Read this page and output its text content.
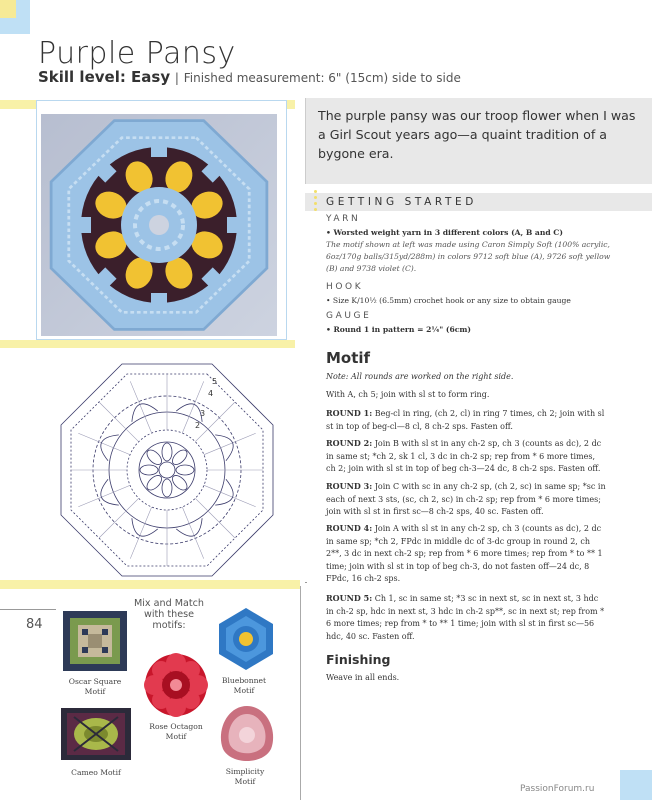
Purple Pansy
Skill level: Easy | Finished measurement: 6" (15cm) side to side
5
4
3
2
The purple pansy was our troop flower when I was a Girl Scout years ago—a quaint tradition of a bygone era.
GETTING STARTED
YARN
• Worsted weight yarn in 3 different colors (A, B and C)
The motif shown at left was made using Caron Simply Soft (100% acrylic, 6oz/170g balls/315yd/288m) in colors 9712 soft blue (A), 9726 soft yellow (B) and 9738 violet (C).
HOOK
• Size K/10½ (6.5mm) crochet hook or any size to obtain gauge
GAUGE
• Round 1 in pattern = 2¼" (6cm)
Motif
Note: All rounds are worked on the right side.
With A, ch 5; join with sl st to form ring.
ROUND 1: Beg-cl in ring, (ch 2, cl) in ring 7 times, ch 2; join with sl st in top of beg-cl—8 cl, 8 ch-2 sps. Fasten off.
ROUND 2: Join B with sl st in any ch-2 sp, ch 3 (counts as dc), 2 dc in same st; *ch 2, sk 1 cl, 3 dc in ch-2 sp; rep from * 6 more times, ch 2; join with sl st in top of beg ch-3—24 dc, 8 ch-2 sps. Fasten off.
ROUND 3: Join C with sc in any ch-2 sp, (ch 2, sc) in same sp; *sc in each of next 3 sts, (sc, ch 2, sc) in ch-2 sp; rep from * 6 more times; join with sl st in first sc—8 ch-2 sps, 40 sc. Fasten off.
ROUND 4: Join A with sl st in any ch-2 sp, ch 3 (counts as dc), 2 dc in same sp; *ch 2, FPdc in middle dc of 3-dc group in round 2, ch 2**, 3 dc in next ch-2 sp; rep from * 6 more times; rep from * to ** 1 time; join with sl st in top of beg ch-3, do not fasten off—24 dc, 8 FPdc, 16 ch-2 sps.
ROUND 5: Ch 1, sc in same st; *3 sc in next st, sc in next st, 3 hdc in ch-2 sp, hdc in next st, 3 hdc in ch-2 sp**, sc in next st; rep from * 6 more times; rep from * to ** 1 time; join with sl st in first sc—56 hdc, 40 sc. Fasten off.
Finishing
Weave in all ends.
84
Mix and Match with these motifs:
Oscar Square
Motif
Rose Octagon
Motif
Bluebonnet
Motif
Cameo Motif	Simplicity
Motif
PassionForum.ru
